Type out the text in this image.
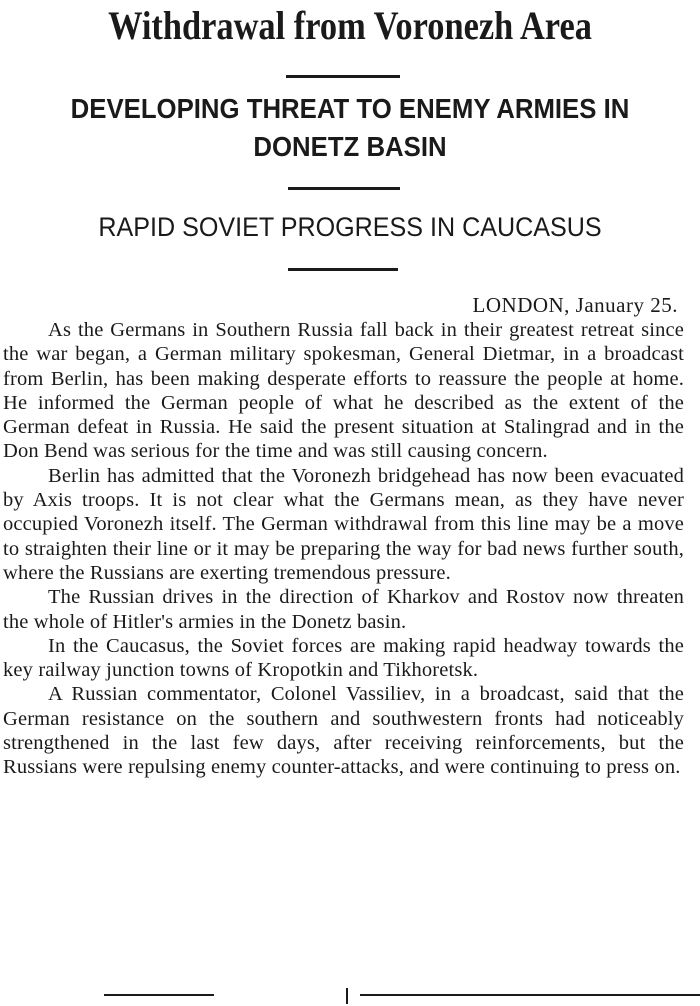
Withdrawal from Voronezh Area
DEVELOPING THREAT TO ENEMY ARMIES IN DONETZ BASIN
RAPID SOVIET PROGRESS IN CAUCASUS
LONDON, January 25.

As the Germans in Southern Russia fall back in their greatest retreat since the war began, a German military spokesman, General Dietmar, in a broadcast from Berlin, has been making desperate efforts to reassure the people at home. He informed the German people of what he described as the extent of the German defeat in Russia. He said the present situation at Stalingrad and in the Don Bend was serious for the time and was still causing concern.

Berlin has admitted that the Voronezh bridgehead has now been evacuated by Axis troops. It is not clear what the Germans mean, as they have never occupied Voronezh itself. The German withdrawal from this line may be a move to straighten their line or it may be preparing the way for bad news further south, where the Russians are exerting tremendous pressure.

The Russian drives in the direction of Kharkov and Rostov now threaten the whole of Hitler's armies in the Donetz basin.

In the Caucasus, the Soviet forces are making rapid headway towards the key railway junction towns of Kropotkin and Tikhoretsk.

A Russian commentator, Colonel Vassiliev, in a broadcast, said that the German resistance on the southern and southwestern fronts had noticeably strengthened in the last few days, after receiving reinforcements, but the Russians were repulsing enemy counter-attacks, and were continuing to press on.
